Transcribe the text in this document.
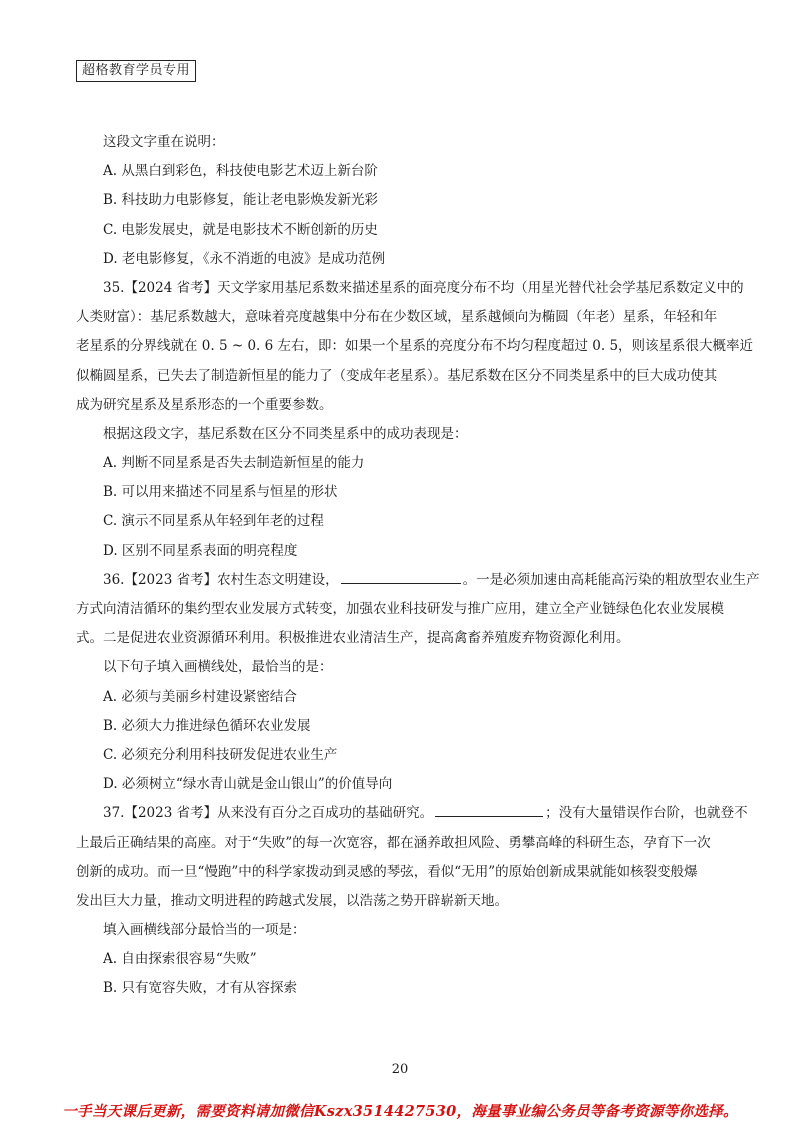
超格教育学员专用
这段文字重在说明：
A. 从黑白到彩色，科技使电影艺术迈上新台阶
B. 科技助力电影修复，能让老电影焕发新光彩
C. 电影发展史，就是电影技术不断创新的历史
D. 老电影修复，《永不消逝的电波》是成功范例
35.【2024 省考】天文学家用基尼系数来描述星系的面亮度分布不均（用星光替代社会学基尼系数定义中的
人类财富）：基尼系数越大，意味着亮度越集中分布在少数区域，星系越倾向为椭圆（年老）星系，年轻和年
老星系的分界线就在 0. 5 ~ 0. 6 左右，即：如果一个星系的亮度分布不均匀程度超过 0. 5，则该星系很大概率近
似椭圆星系，已失去了制造新恒星的能力了（变成年老星系）。基尼系数在区分不同类星系中的巨大成功使其
成为研究星系及星系形态的一个重要参数。
根据这段文字，基尼系数在区分不同类星系中的成功表现是：
A. 判断不同星系是否失去制造新恒星的能力
B. 可以用来描述不同星系与恒星的形状
C. 演示不同星系从年轻到年老的过程
D. 区别不同星系表面的明亮程度
36.【2023 省考】农村生态文明建设，	。一是必须加速由高耗能高污染的粗放型农业生产
方式向清洁循环的集约型农业发展方式转变，加强农业科技研发与推广应用，建立全产业链绿色化农业发展模
式。二是促进农业资源循环利用。积极推进农业清洁生产，提高禽畜养殖废弃物资源化利用。
以下句子填入画横线处，最恰当的是：
A. 必须与美丽乡村建设紧密结合
B. 必须大力推进绿色循环农业发展
C. 必须充分利用科技研发促进农业生产
D. 必须树立“绿水青山就是金山银山”的价值导向
37.【2023 省考】从来没有百分之百成功的基础研究。	；没有大量错误作台阶，也就登不
上最后正确结果的高座。对于“失败”的每一次宽容，都在涵养敢担风险、勇攀高峰的科研生态，孕育下一次
创新的成功。而一旦“慢跑”中的科学家拨动到灵感的琴弦，看似“无用”的原始创新成果就能如核裂变般爆
发出巨大力量，推动文明进程的跨越式发展，以浩荡之势开辟崭新天地。
填入画横线部分最恰当的一项是：
A. 自由探索很容易“失败”
B. 只有宽容失败，才有从容探索
20
一手当天课后更新，需要资料请加微信Kszx3514427530，海量事业编公务员等备考资源等你选择。
